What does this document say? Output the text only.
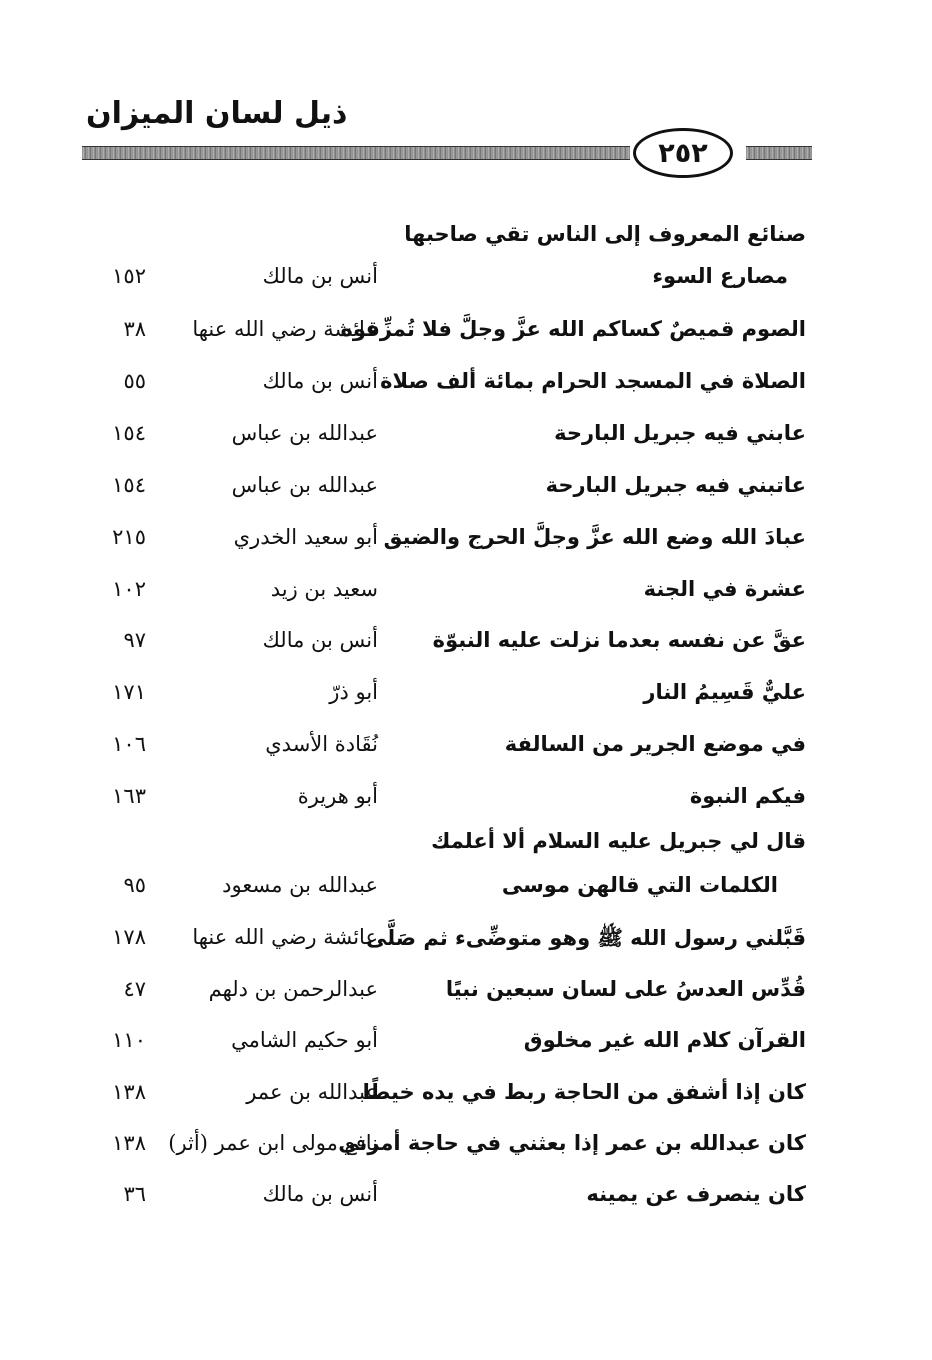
ذيل لسان الميزان
٢٥٢
صنائع المعروف إلى الناس تقي صاحبها
مصارع السوء
أنس بن مالك
١٥٢
الصوم قميصٌ كساكم الله عزَّ وجلَّ فلا تُمزِّقوه
عائشة رضي الله عنها
٣٨
الصلاة في المسجد الحرام بمائة ألف صلاة
أنس بن مالك
٥٥
عابني فيه جبريل البارحة
عبدالله بن عباس
١٥٤
عاتبني فيه جبريل البارحة
عبدالله بن عباس
١٥٤
عبادَ الله وضع الله عزَّ وجلَّ الحرج والضيق
أبو سعيد الخدري
٢١٥
عشرة في الجنة
سعيد بن زيد
١٠٢
عقَّ عن نفسه بعدما نزلت عليه النبوّة
أنس بن مالك
٩٧
عليٌّ قَسِيمُ النار
أبو ذرّ
١٧١
في موضع الجرير من السالفة
نُقَادة الأسدي
١٠٦
فيكم النبوة
أبو هريرة
١٦٣
قال لي جبريل عليه السلام ألا أعلمك
الكلمات التي قالهن موسى
عبدالله بن مسعود
٩٥
قَبَّلني رسول الله ﷺ وهو متوضِّىء ثم صَلَّى
عائشة رضي الله عنها
١٧٨
قُدِّس العدسُ على لسان سبعين نبيًا
عبدالرحمن بن دلهم
٤٧
القرآن كلام الله غير مخلوق
أبو حكيم الشامي
١١٠
كان إذا أشفق من الحاجة ربط في يده خيطًا
عبدالله بن عمر
١٣٨
كان عبدالله بن عمر إذا بعثني في حاجة أمرني
نافع مولى ابن عمر (أثر)
١٣٨
كان ينصرف عن يمينه
أنس بن مالك
٣٦
